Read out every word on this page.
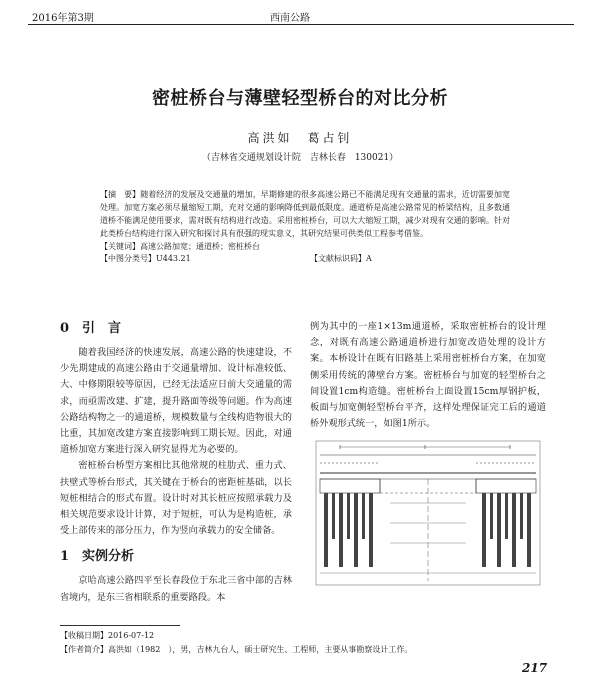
2016年第3期	西南公路
密桩桥台与薄壁轻型桥台的对比分析
高洪如　葛占钊
（吉林省交通规划设计院　吉林长春　130021）
【摘　要】随着经济的发展及交通量的增加，早期修建的很多高速公路已不能满足现有交通量的需求，近切需要加宽处理。加宽方案必须尽量缩短工期，充对交通的影响降低到最低限度。通道桥是高速公路常见的桥梁结构，且多数通道桥不能满足使用要求，需对既有结构进行改造。采用密桩桥台，可以大大缩短工期，减少对现有交通的影响。针对此类桥台结构进行深入研究和探讨具有很强的现实意义，其研究结果可供类似工程参考借鉴。
【关键词】高速公路加宽；通道桥；密桩桥台
【中图分类号】U443.21	【文献标识码】A
0　引　言

随着我国经济的快速发展，高速公路的快速建设，不少先期建成的高速公路由于交通量增加、设计标准较低、大、中修期限较等原因，已经无法适应日前大交通量的需求，而亟需改建、扩建，提升路面等级等问题。作为高速公路结构物之一的通道桥，规模数量与全线构造物很大的比重，其加宽改建方案直接影响到工期长短。因此，对通道桥加宽方案进行深入研究显得尤为必要的。

密桩桥台桥型方案相比其他常规的柱肋式、重力式、扶壁式等桥台形式，其关键在于桥台的密距桩基础，以长短桩相结合的形式布置。设计时对其长桩应按照承载力及相关规范要求设计计算，对于短桩，可认为是构造桩，承受上部传来的部分压力，作为竖向承载力的安全储备。

1　实例分析

京哈高速公路四平至长春段位于东北三省中部的吉林省境内，是东三省相联系的重要路段。本

例为其中的一座1×13m通道桥，采取密桩桥台的设计理念，对既有高速公路通道桥进行加宽改造处理的设计方案。本桥设计在既有旧路基上采用密桩桥台方案，在加宽侧采用传统的薄壁台方案。密桩桥台与加宽的轻型桥台之间设置1cm构造缝。密桩桥台上面设置15cm厚钢护板，板面与加宽侧轻型桥台平齐，这样处理保证完工后的通道桥外观形式统一，如图1所示。

【收稿日期】2016-07-12
【作者简介】高洪如（1982　），男，吉林九台人，硕士研究生、工程师，主要从事勘察设计工作。
217
